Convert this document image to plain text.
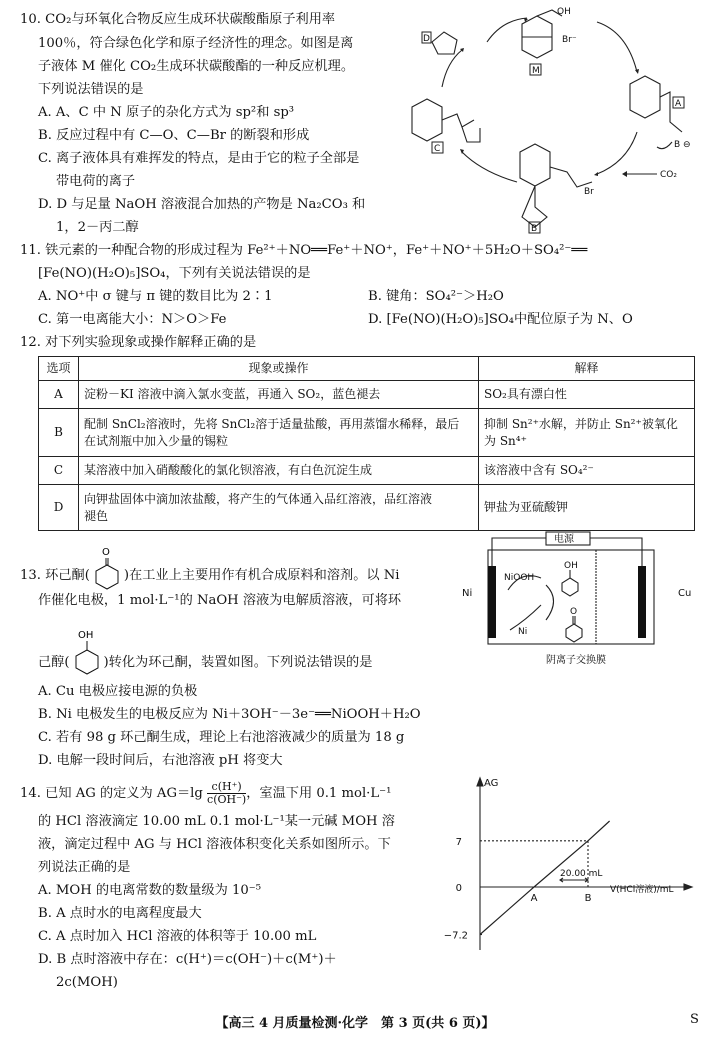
10. CO₂与环氧化合物反应生成环状碳酸酯原子利用率
100％，符合绿色化学和原子经济性的理念。如图是离
子液体 M 催化 CO₂生成环状碳酸酯的一种反应机理。
下列说法错误的是
A. A、C 中 N 原子的杂化方式为 sp²和 sp³
B. 反应过程中有 C—O、C—Br 的断裂和形成
C. 离子液体具有难挥发的特点，是由于它的粒子全部是
带电荷的离子
D. D 与足量 NaOH 溶液混合加热的产物是 Na₂CO₃ 和
1，2－丙二醇
D
M
A
C
B
CO₂
OH
Br⁻
Br
B ⊖
11. 铁元素的一种配合物的形成过程为 Fe²⁺＋NO══Fe⁺＋NO⁺，Fe⁺＋NO⁺＋5H₂O＋SO₄²⁻══
[Fe(NO)(H₂O)₅]SO₄，下列有关说法错误的是
A. NO⁺中 σ 键与 π 键的数目比为 2∶1	B. 键角：SO₄²⁻＞H₂O
C. 第一电离能大小：N＞O＞Fe	D. [Fe(NO)(H₂O)₅]SO₄中配位原子为 N、O
12. 对下列实验现象或操作解释正确的是
选项	现象或操作	解释
A	淀粉－KI 溶液中滴入氯水变蓝，再通入 SO₂，蓝色褪去	SO₂具有漂白性
B	配制 SnCl₂溶液时，先将 SnCl₂溶于适量盐酸，再用蒸馏水稀释，最后
在试剂瓶中加入少量的锡粒	抑制 Sn²⁺水解，并防止 Sn²⁺被氧化
为 Sn⁴⁺
C	某溶液中加入硝酸酸化的氯化钡溶液，有白色沉淀生成	该溶液中含有 SO₄²⁻
D	向钾盐固体中滴加浓盐酸，将产生的气体通入品红溶液，品红溶液
褪色	钾盐为亚硫酸钾
13. 环己酮(
O
)在工业上主要用作有机合成原料和溶剂。以 Ni
作催化电极，1 mol·L⁻¹的 NaOH 溶液为电解质溶液，可将环
己醇(
OH
)转化为环己酮，装置如图。下列说法错误的是
A. Cu 电极应接电源的负极
B. Ni 电极发生的电极反应为 Ni＋3OH⁻－3e⁻══NiOOH＋H₂O
C. 若有 98 g 环己酮生成，理论上右池溶液减少的质量为 18 g
D. 电解一段时间后，右池溶液 pH 将变大
电源
Ni	Cu
NiOOH
Ni
OH
O
阴离子交换膜
14. 已知 AG 的定义为 $AG=\lg \frac{c(H^+)}{c(OH^-)}$ ，室温下用 0.1 mol·L⁻¹
的 HCl 溶液滴定 10.00 mL 0.1 mol·L⁻¹某一元碱 MOH 溶
液，滴定过程中 AG 与 HCl 溶液体积变化关系如图所示。下
列说法正确的是
A. MOH 的电离常数的数量级为 10⁻⁵
B. A 点时水的电离程度最大
C. A 点时加入 HCl 溶液的体积等于 10.00 mL
D. B 点时溶液中存在：c(H⁺)＝c(OH⁻)＋c(M⁺)＋
2c(MOH)
AG
V(HCl溶液)/mL
7
0
−7.2
20.00 mL
A	B
【高三 4 月质量检测·化学　第 3 页(共 6 页)】	S
